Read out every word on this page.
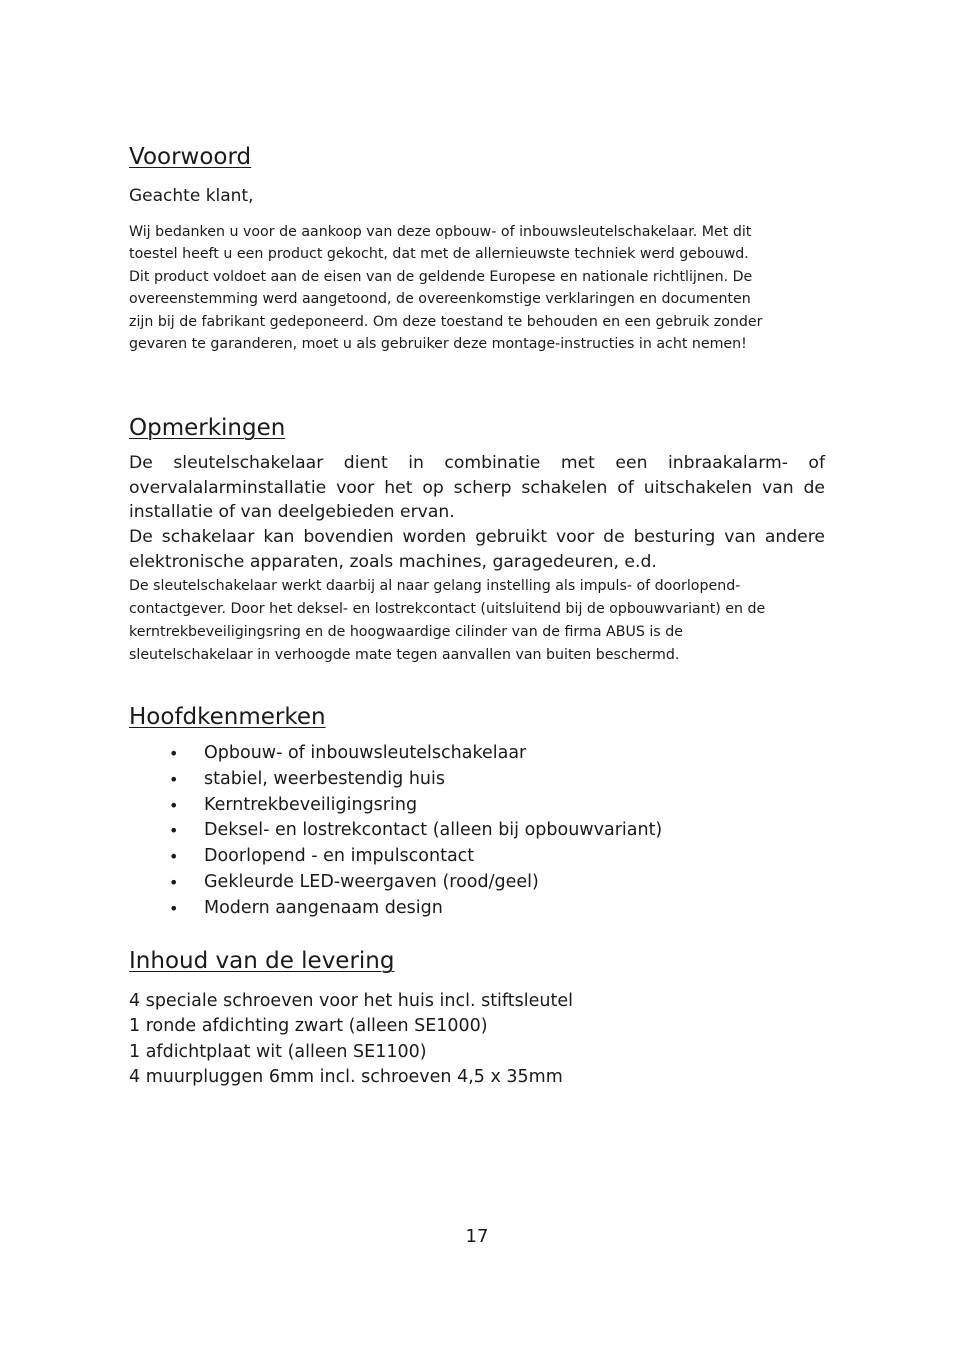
Voorwoord

Geachte klant,

Wij bedanken u voor de aankoop van deze opbouw- of inbouwsleutelschakelaar. Met dit

toestel heeft u een product gekocht, dat met de allernieuwste techniek werd gebouwd.

Dit product voldoet aan de eisen van de geldende Europese en nationale richtlijnen. De

overeenstemming werd aangetoond, de overeenkomstige verklaringen en documenten

zijn bij de fabrikant gedeponeerd. Om deze toestand te behouden en een gebruik zonder

gevaren te garanderen, moet u als gebruiker deze montage-instructies in acht nemen!

Opmerkingen

De sleutelschakelaar dient in combinatie met een inbraakalarm- of overvalalarminstallatie voor het op scherp schakelen of uitschakelen van de installatie of van deelgebieden ervan.

De schakelaar kan bovendien worden gebruikt voor de besturing van andere elektronische apparaten, zoals machines, garagedeuren, e.d.

De sleutelschakelaar werkt daarbij al naar gelang instelling als impuls- of doorlopend-

contactgever. Door het deksel- en lostrekcontact (uitsluitend bij de opbouwvariant) en de

kerntrekbeveiligingsring en de hoogwaardige cilinder van de firma ABUS is de

sleutelschakelaar in verhoogde mate tegen aanvallen van buiten beschermd.

Hoofdkenmerken
• Opbouw- of inbouwsleutelschakelaar
• stabiel, weerbestendig huis
• Kerntrekbeveiligingsring
• Deksel- en lostrekcontact (alleen bij opbouwvariant)
• Doorlopend - en impulscontact
• Gekleurde LED-weergaven (rood/geel)
• Modern aangenaam design
Inhoud van de levering

4 speciale schroeven voor het huis incl. stiftsleutel

1 ronde afdichting zwart (alleen SE1000)

1 afdichtplaat wit (alleen SE1100)

4 muurpluggen 6mm incl. schroeven 4,5 x 35mm

17
